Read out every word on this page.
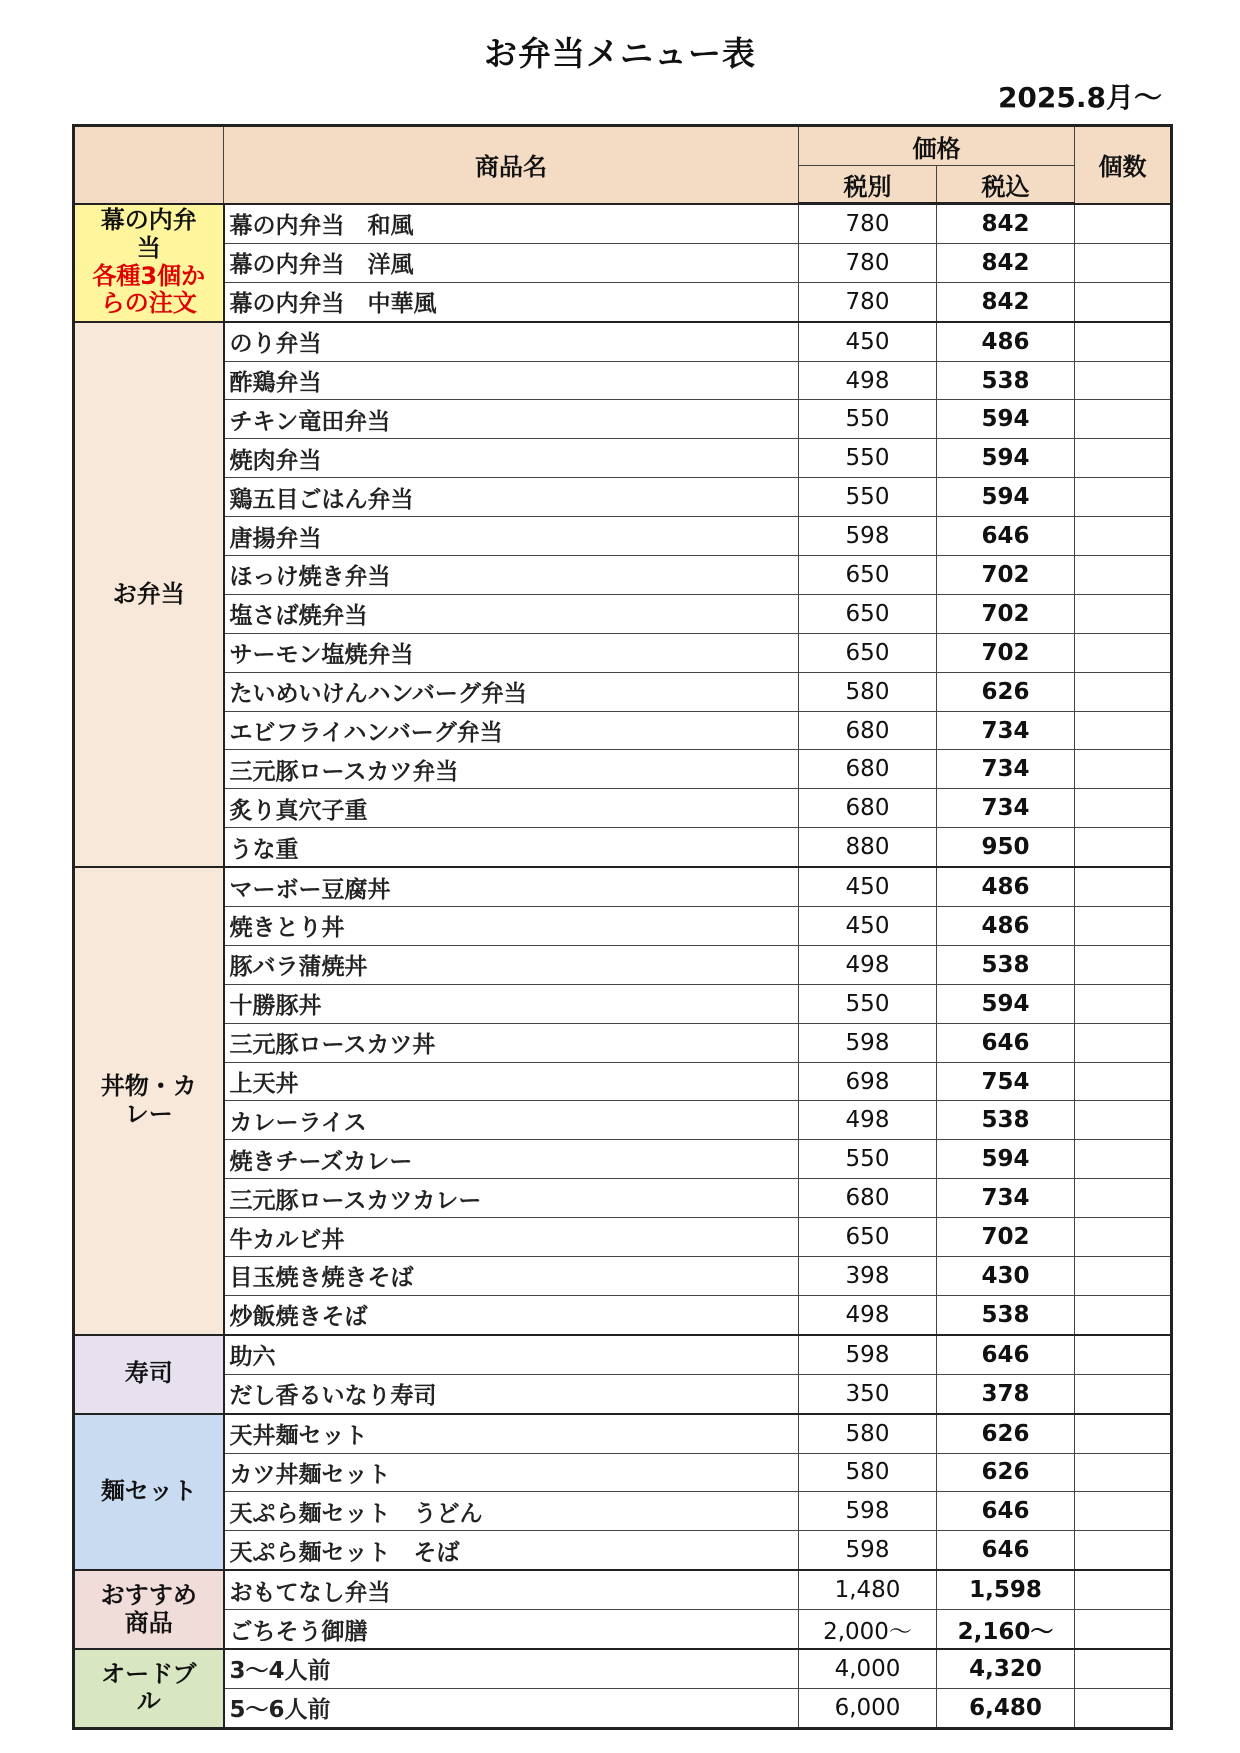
お弁当メニュー表
2025.8月～
	商品名	価格		個数
		税別	税込	

幕の内弁当
各種3個からの注文	幕の内弁当　和風	780	842	
	幕の内弁当　洋風	780	842	
	幕の内弁当　中華風	780	842	

お弁当	のり弁当	450	486	
	酢鶏弁当	498	538	
	チキン竜田弁当	550	594	
	焼肉弁当	550	594	
	鶏五目ごはん弁当	550	594	
	唐揚弁当	598	646	
	ほっけ焼き弁当	650	702	
	塩さば焼弁当	650	702	
	サーモン塩焼弁当	650	702	
	たいめいけんハンバーグ弁当	580	626	
	エビフライハンバーグ弁当	680	734	
	三元豚ロースカツ弁当	680	734	
	炙り真穴子重	680	734	
	うな重	880	950	

丼物・カレー	マーボー豆腐丼	450	486	
	焼きとり丼	450	486	
	豚バラ蒲焼丼	498	538	
	十勝豚丼	550	594	
	三元豚ロースカツ丼	598	646	
	上天丼	698	754	
	カレーライス	498	538	
	焼きチーズカレー	550	594	
	三元豚ロースカツカレー	680	734	
	牛カルビ丼	650	702	
	目玉焼き焼きそば	398	430	
	炒飯焼きそば	498	538	

寿司	助六	598	646	
	だし香るいなり寿司	350	378	

麺セット	天丼麺セット	580	626	
	カツ丼麺セット	580	626	
	天ぷら麺セット　うどん	598	646	
	天ぷら麺セット　そば	598	646	

おすすめ商品	おもてなし弁当	1,480	1,598	
	ごちそう御膳	2,000～	2,160～	

オードブル	3～4人前	4,000	4,320	
	5～6人前	6,000	6,480	
